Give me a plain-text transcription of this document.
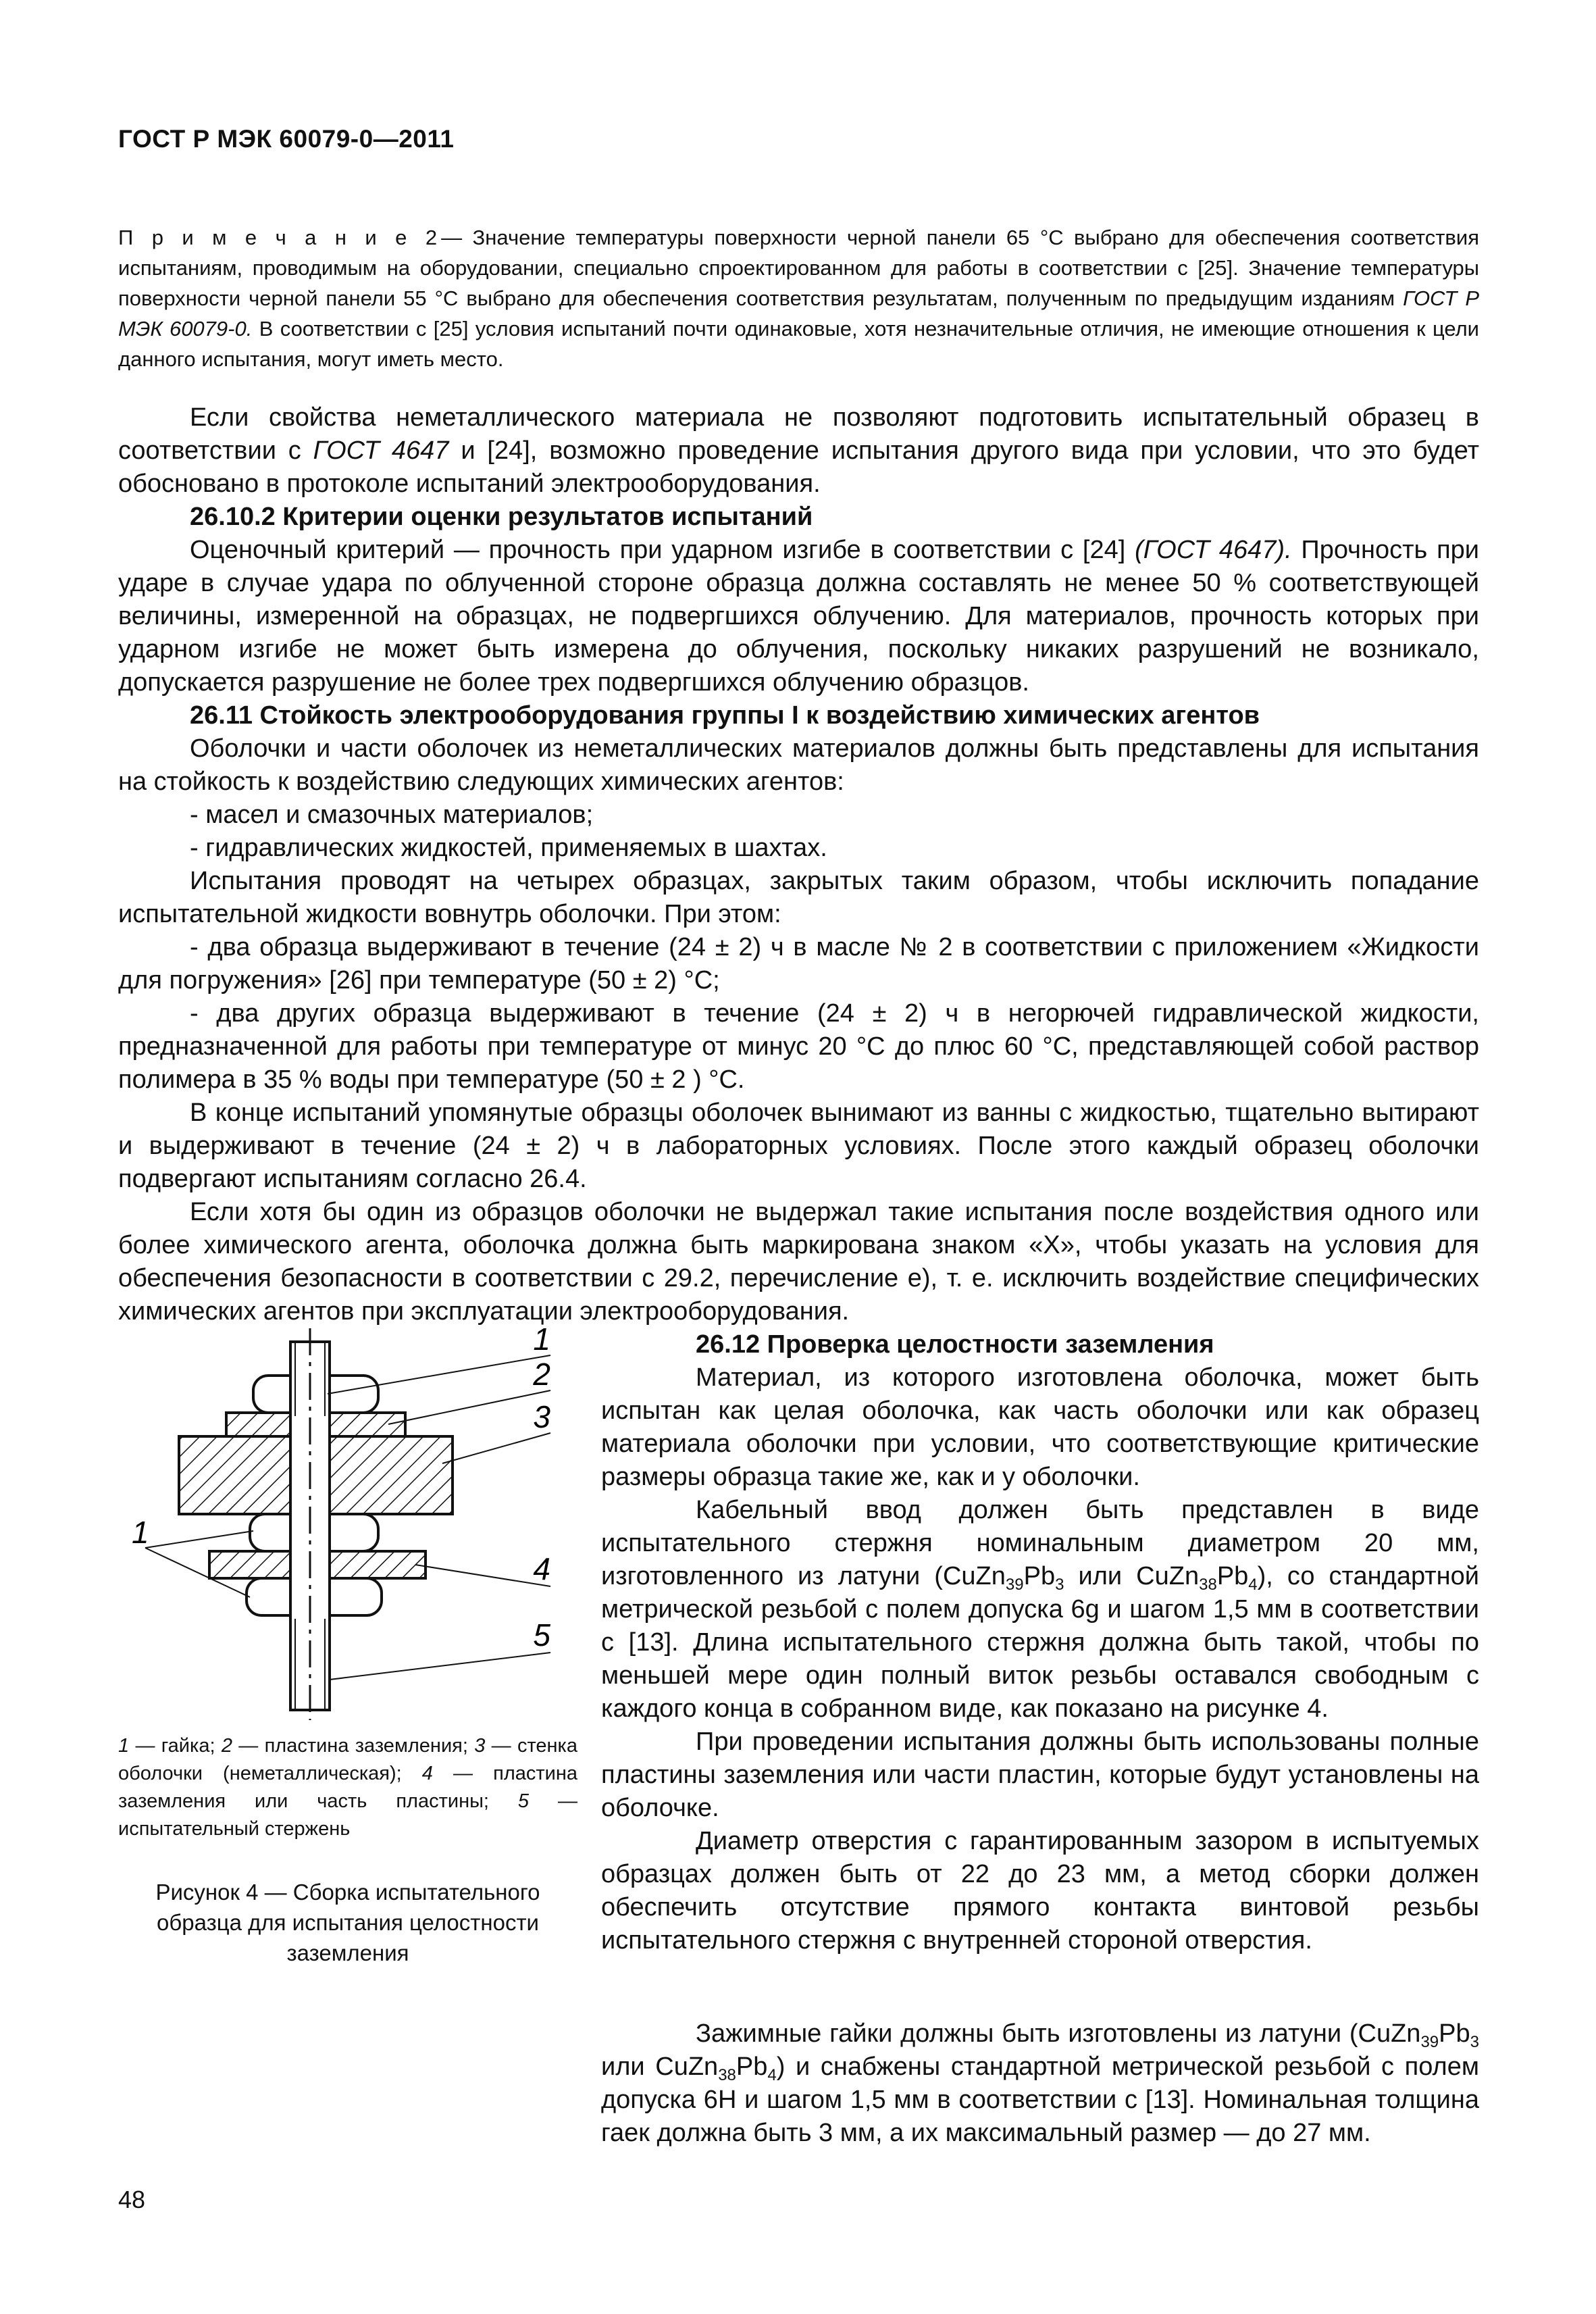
ГОСТ Р МЭК 60079-0—2011
П р и м е ч а н и е 2— Значение температуры поверхности черной панели 65 °С выбрано для обеспечения соответствия испытаниям, проводимым на оборудовании, специально спроектированном для работы в соответствии с [25]. Значение температуры поверхности черной панели 55 °С выбрано для обеспечения соответствия результатам, полученным по предыдущим изданиям ГОСТ Р МЭК 60079-0. В соответствии с [25] условия испытаний почти одинаковые, хотя незначительные отличия, не имеющие отношения к цели данного испытания, могут иметь место.

Если свойства неметаллического материала не позволяют подготовить испытательный образец в соответствии с ГОСТ 4647 и [24], возможно проведение испытания другого вида при условии, что это будет обосновано в протоколе испытаний электрооборудования.

26.10.2 Критерии оценки результатов испытаний

Оценочный критерий — прочность при ударном изгибе в соответствии с [24] (ГОСТ 4647). Прочность при ударе в случае удара по облученной стороне образца должна составлять не менее 50 % соответствующей величины, измеренной на образцах, не подвергшихся облучению. Для материалов, прочность которых при ударном изгибе не может быть измерена до облучения, поскольку никаких разрушений не возникало, допускается разрушение не более трех подвергшихся облучению образцов.

26.11 Стойкость электрооборудования группы I к воздействию химических агентов

Оболочки и части оболочек из неметаллических материалов должны быть представлены для испытания на стойкость к воздействию следующих химических агентов:

- масел и смазочных материалов;

- гидравлических жидкостей, применяемых в шахтах.

Испытания проводят на четырех образцах, закрытых таким образом, чтобы исключить попадание испытательной жидкости вовнутрь оболочки. При этом:

- два образца выдерживают в течение (24 ± 2) ч в масле № 2 в соответствии с приложением «Жидкости для погружения» [26] при температуре (50 ± 2) °С;

- два других образца выдерживают в течение (24 ± 2) ч в негорючей гидравлической жидкости, предназначенной для работы при температуре от минус 20 °С до плюс 60 °С, представляющей собой раствор полимера в 35 % воды при температуре (50 ± 2 ) °С.

В конце испытаний упомянутые образцы оболочек вынимают из ванны с жидкостью, тщательно вытирают и выдерживают в течение (24 ± 2) ч в лабораторных условиях. После этого каждый образец оболочки подвергают испытаниям согласно 26.4.

Если хотя бы один из образцов оболочки не выдержал такие испытания после воздействия одного или более химического агента, оболочка должна быть маркирована знаком «X», чтобы указать на условия для обеспечения безопасности в соответствии с 29.2, перечисление е), т. е. исключить воздействие специфических химических агентов при эксплуатации электрооборудования.

1
2
3
1
4
5
1 — гайка; 2 — пластина заземления; 3 — стенка оболочки (неметаллическая); 4 — пластина заземления или часть пластины; 5 — испытательный стержень
Рисунок 4 — Сборка испытательного образца для испытания целостности заземления
26.12 Проверка целостности заземления

Материал, из которого изготовлена оболочка, может быть испытан как целая оболочка, как часть оболочки или как образец материала оболочки при условии, что соответствующие критические размеры образца такие же, как и у оболочки.

Кабельный ввод должен быть представлен в виде испытательного стержня номинальным диаметром 20 мм, изготовленного из латуни ($CuZn_{39}Pb_3$ или $CuZn_{38}Pb_4$), со стандартной метрической резьбой с полем допуска 6g и шагом 1,5 мм в соответствии с [13]. Длина испытательного стержня должна быть такой, чтобы по меньшей мере один полный виток резьбы оставался свободным с каждого конца в собранном виде, как показано на рисунке 4.

При проведении испытания должны быть использованы полные пластины заземления или части пластин, которые будут установлены на оболочке.

Диаметр отверстия с гарантированным зазором в испытуемых образцах должен быть от 22 до 23 мм, а метод сборки должен обеспечить отсутствие прямого контакта винтовой резьбы испытательного стержня с внутренней стороной отверстия.

Зажимные гайки должны быть изготовлены из латуни ($CuZn_{39}Pb_3$ или $CuZn_{38}Pb_4$) и снабжены стандартной метрической резьбой с полем допуска 6H и шагом 1,5 мм в соответствии с [13]. Номинальная толщина гаек должна быть 3 мм, а их максимальный размер — до 27 мм.

48
